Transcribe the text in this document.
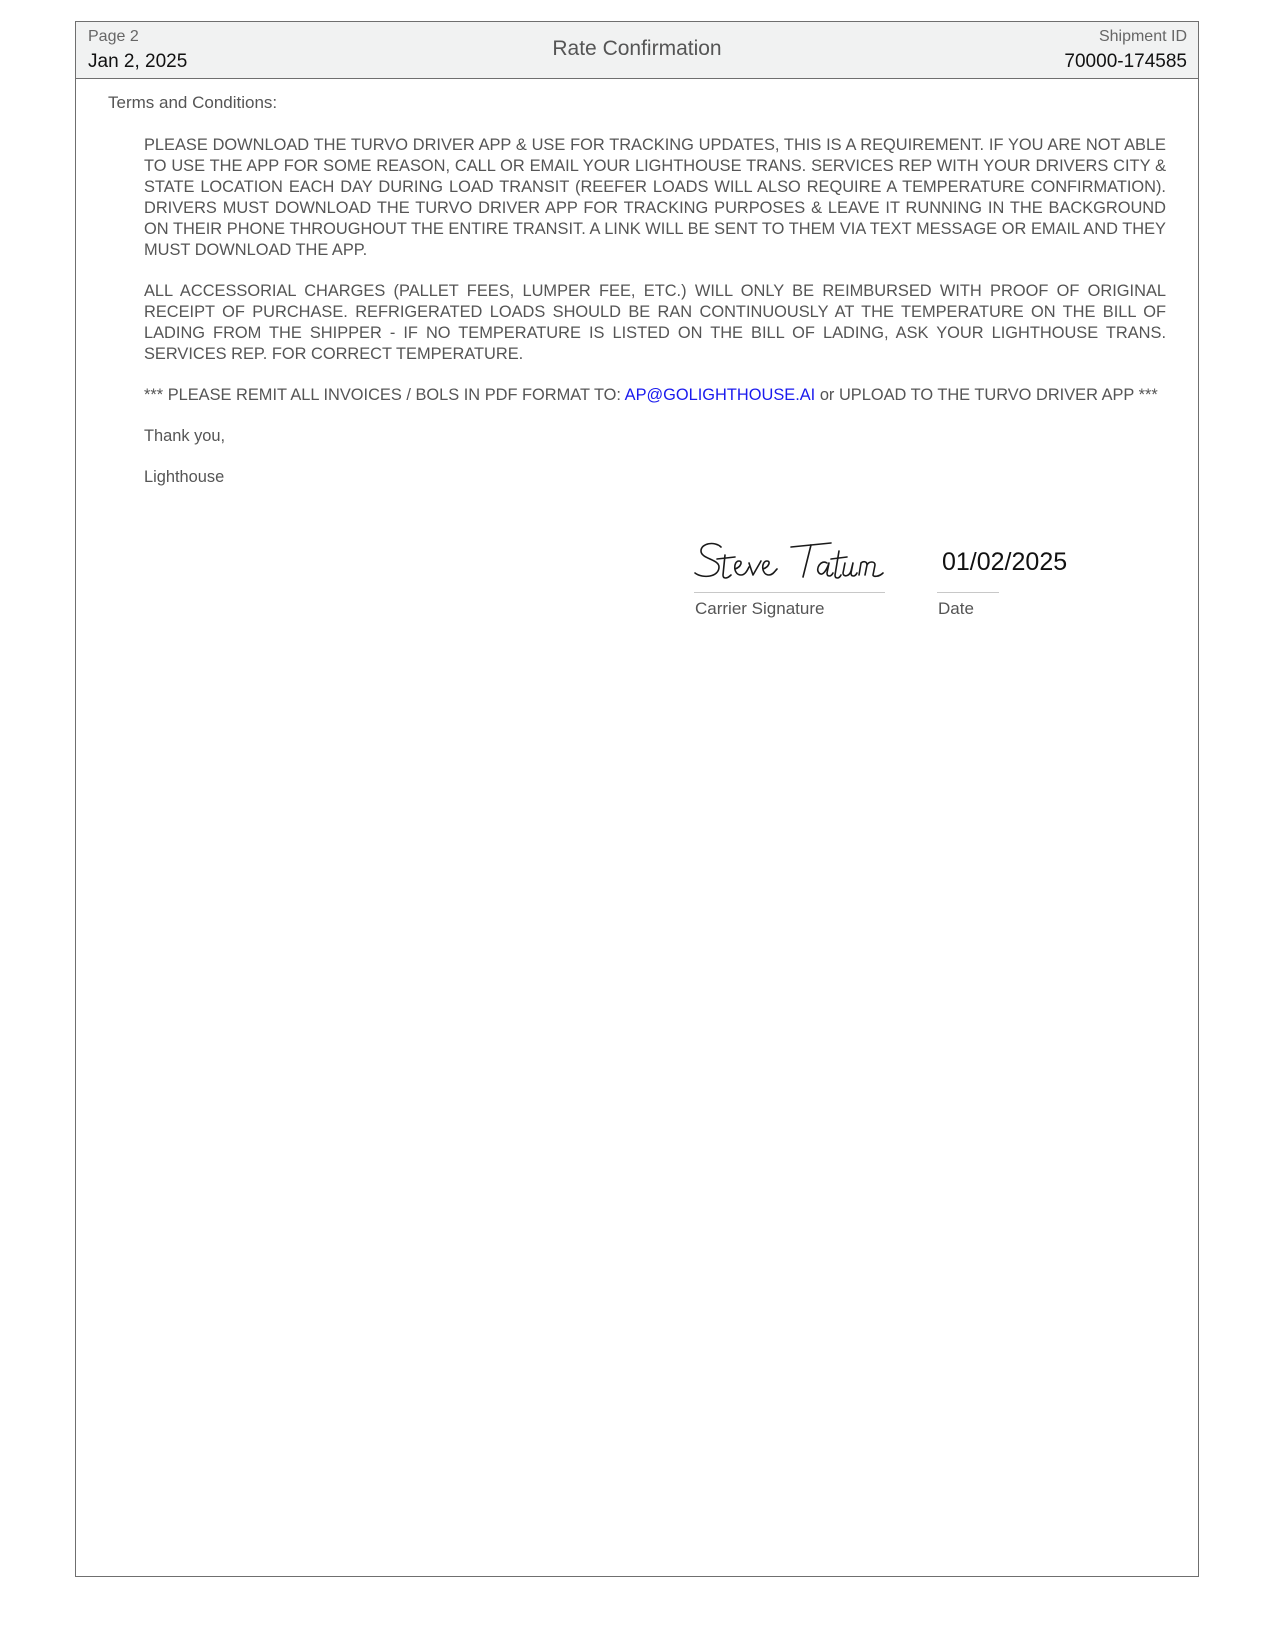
Page 2
Jan 2, 2025
Rate Confirmation
Shipment ID
70000-174585
Terms and Conditions:

PLEASE DOWNLOAD THE TURVO DRIVER APP & USE FOR TRACKING UPDATES, THIS IS A REQUIREMENT. IF YOU ARE NOT ABLE TO USE THE APP FOR SOME REASON, CALL OR EMAIL YOUR LIGHTHOUSE TRANS. SERVICES REP WITH YOUR DRIVERS CITY & STATE LOCATION EACH DAY DURING LOAD TRANSIT (REEFER LOADS WILL ALSO REQUIRE A TEMPERATURE CONFIRMATION). DRIVERS MUST DOWNLOAD THE TURVO DRIVER APP FOR TRACKING PURPOSES & LEAVE IT RUNNING IN THE BACKGROUND ON THEIR PHONE THROUGHOUT THE ENTIRE TRANSIT. A LINK WILL BE SENT TO THEM VIA TEXT MESSAGE OR EMAIL AND THEY MUST DOWNLOAD THE APP.

ALL ACCESSORIAL CHARGES (PALLET FEES, LUMPER FEE, ETC.) WILL ONLY BE REIMBURSED WITH PROOF OF ORIGINAL RECEIPT OF PURCHASE. REFRIGERATED LOADS SHOULD BE RAN CONTINUOUSLY AT THE TEMPERATURE ON THE BILL OF LADING FROM THE SHIPPER - IF NO TEMPERATURE IS LISTED ON THE BILL OF LADING, ASK YOUR LIGHTHOUSE TRANS. SERVICES REP. FOR CORRECT TEMPERATURE.

*** PLEASE REMIT ALL INVOICES / BOLS IN PDF FORMAT TO: AP@GOLIGHTHOUSE.AI or UPLOAD TO THE TURVO DRIVER APP ***

Thank you,

Lighthouse

Carrier Signature
01/02/2025
Date
